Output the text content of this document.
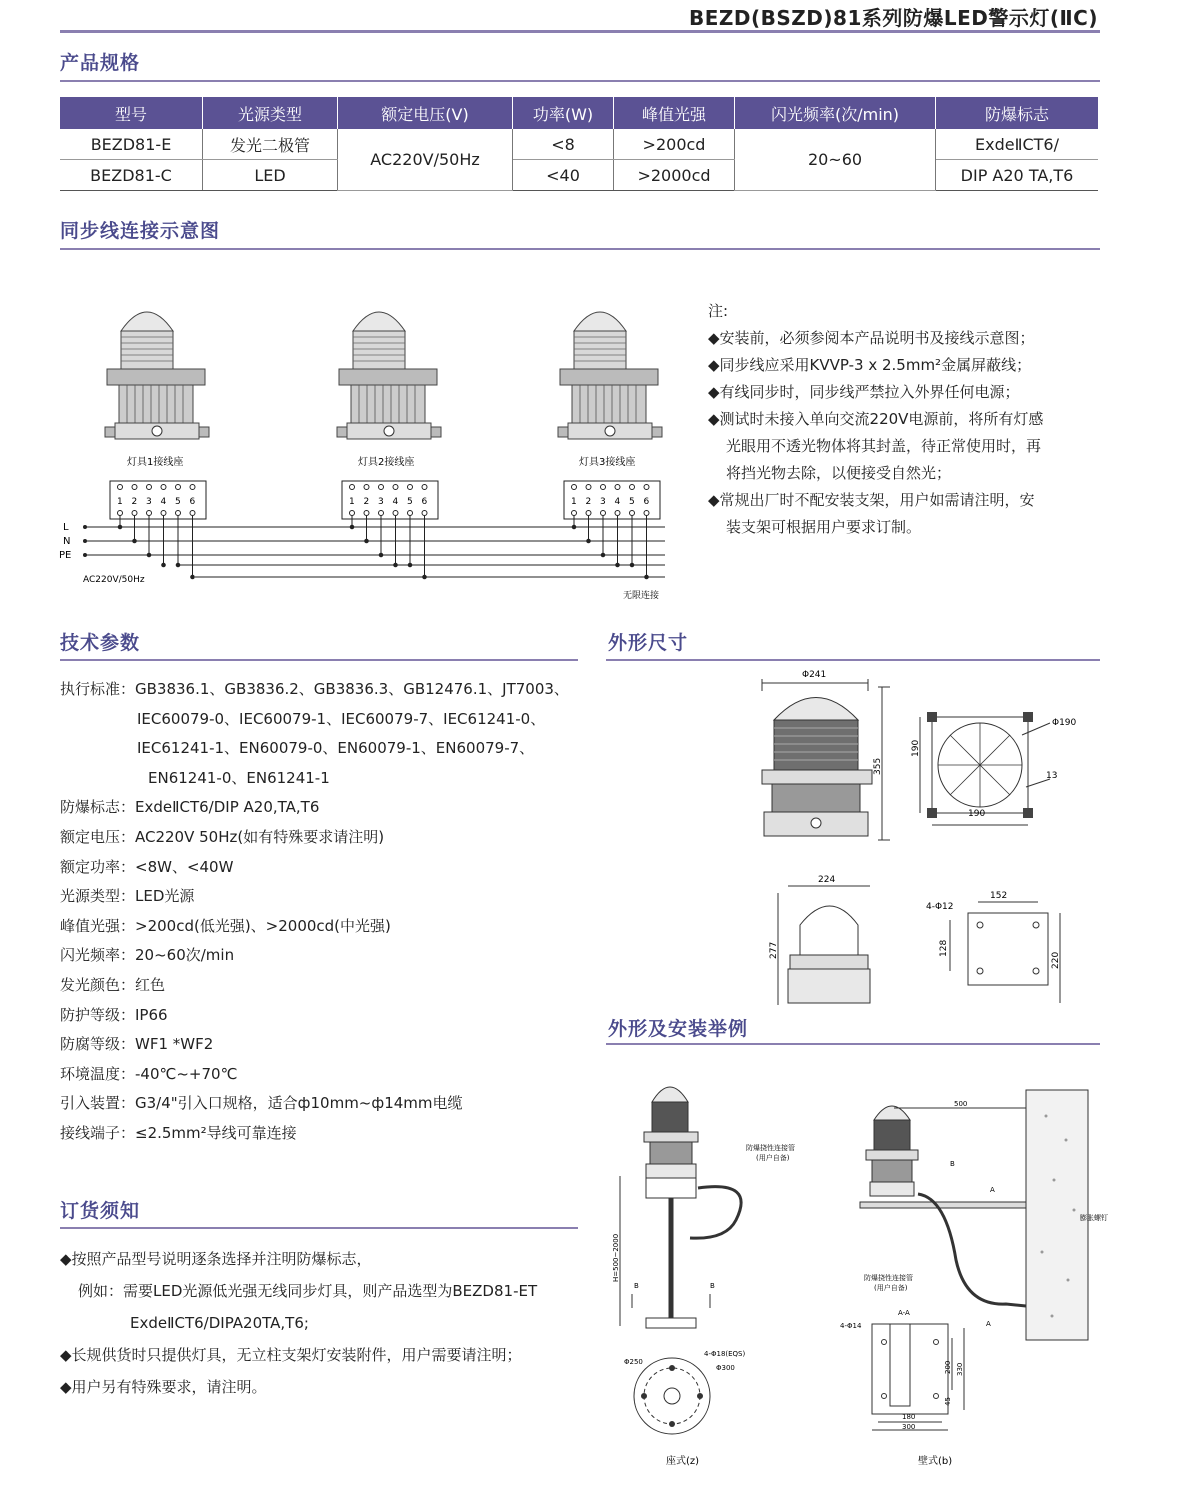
BEZD(BSZD)81系列防爆LED警示灯(ⅡC)
产品规格
型号	光源类型	额定电压(V)	功率(W)	峰值光强	闪光频率(次/min)	防爆标志
BEZD81-E	发光二极管	AC220V/50Hz	<8	>200cd	20~60	ExdeⅡCT6/
BEZD81-C	LED		<40	>2000cd		DIP A20 TA,T6
同步线连接示意图
灯具1接线座	灯具2接线座	灯具3接线座
1 2 3 4 5 6	1 2 3 4 5 6	1 2 3 4 5 6
L
N
PE
AC220V/50Hz
无限连接
注:
◆安装前，必须参阅本产品说明书及接线示意图；
◆同步线应采用KVVP-3 x 2.5mm²金属屏蔽线；
◆有线同步时，同步线严禁拉入外界任何电源；
◆测试时未接入单向交流220V电源前，将所有灯感
光眼用不透光物体将其封盖，待正常使用时，再
将挡光物去除，以便接受自然光；
◆常规出厂时不配安装支架，用户如需请注明，安
装支架可根据用户要求订制。
技术参数
执行标准：GB3836.1、GB3836.2、GB3836.3、GB12476.1、JT7003、
IEC60079-0、IEC60079-1、IEC60079-7、IEC61241-0、
IEC61241-1、EN60079-0、EN60079-1、EN60079-7、
EN61241-0、EN61241-1
防爆标志：ExdeⅡCT6/DIP A20,TA,T6
额定电压：AC220V 50Hz(如有特殊要求请注明)
额定功率：<8W、<40W
光源类型：LED光源
峰值光强：>200cd(低光强)、>2000cd(中光强)
闪光频率：20~60次/min
发光颜色：红色
防护等级：IP66
防腐等级：WF1 *WF2
环境温度：-40℃~+70℃
引入装置：G3/4"引入口规格，适合ф10mm~ф14mm电缆
接线端子：≤2.5mm²导线可靠连接
订货须知
◆按照产品型号说明逐条选择并注明防爆标志，
例如：需要LED光源低光强无线同步灯具，则产品选型为BEZD81-ET
ExdeⅡCT6/DIPA20TA,T6;
◆长规供货时只提供灯具，无立柱支架灯安装附件，用户需要请注明；
◆用户另有特殊要求，请注明。
外形尺寸
Φ241
355
190
190
Φ190
13
224
277
152
4-Φ12
128
220
外形及安装举例
防爆挠性连接管
(用户自备)
H=500~2000
B	B
Φ250
4-Φ18(EQS)
Φ300
座式(z)
500
B
A
A
膨胀螺钉
防爆挠性连接管
(用户自备)
A-A
4-Φ14
330
200
45
180
300
壁式(b)
